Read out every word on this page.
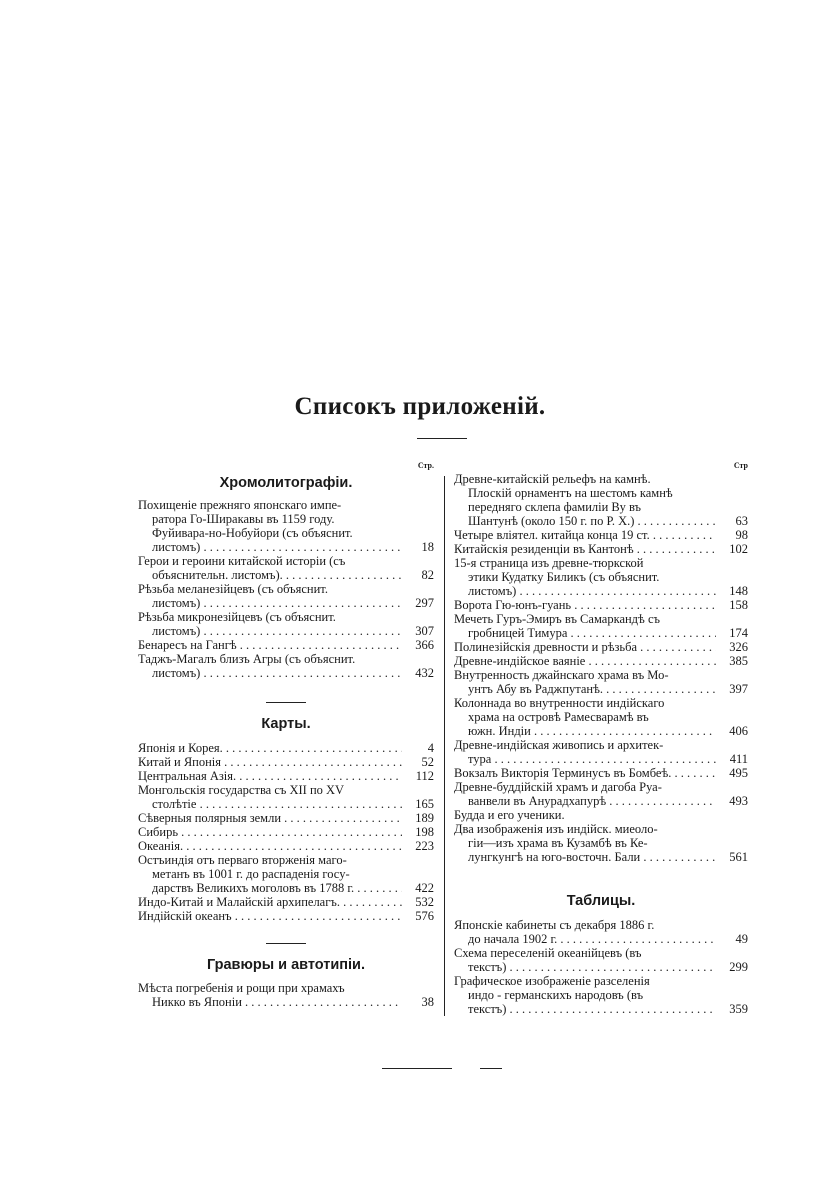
Списокъ приложеній.
Стр.
Хромолитографіи.
Похищеніе прежняго японскаго импе-
ратора Го-Ширакавы въ 1159 году.
Фуйивара-но-Нобуйори (съ объяснит.
листомъ) . . .	18
Герои и героини китайской исторіи (съ
объяснительн. листомъ). . . .	82
Рѣзьба меланезійцевъ (съ объяснит.
листомъ) . . .	297
Рѣзьба микронезійцевъ (съ объяснит.
листомъ) . . .	307
Бенаресъ на Гангѣ . . .	366
Таджъ-Магалъ близъ Агры (съ объяснит.
листомъ) . . .	432
Карты.
Японія и Корея. . . .	4
Китай и Японія . . .	52
Центральная Азія. . . .	112
Монгольскія государства съ XII по XV
столѣтіе . . .	165
Сѣверныя полярныя земли . . .	189
Сибирь . . .	198
Океанія. . . .	223
Остъиндія отъ перваго вторженія маго-
метанъ въ 1001 г. до распаденія госу-
дарствъ Великихъ моголовъ въ 1788 г. . . .	422
Индо-Китай и Малайскій архипелагъ. . . .	532
Индійскій океанъ . . .	576
Гравюры и автотипіи.
Мѣста погребенія и рощи при храмахъ
Никко въ Японіи . . .	38
Стр
Древне-китайскій рельефъ на камнѣ.
Плоскій орнаментъ на шестомъ камнѣ
передняго склепа фамиліи Ву въ
Шантунѣ (около 150 г. по Р. Х.) . . .	63
Четыре вліятел. китайца конца 19 ст. . . .	98
Китайскія резиденціи въ Кантонѣ . . .	102
15-я страница изъ древне-тюркской
этики Кудатку Биликъ (съ объяснит.
листомъ) . . .	148
Ворота Гю-юнъ-гуань . . .	158
Мечеть Гуръ-Эмиръ въ Самаркандѣ съ
гробницей Тимура . . .	174
Полинезійскія древности и рѣзьба . . .	326
Древне-индійское ваяніе . . .	385
Внутренность джайнскаго храма въ Мо-
унтъ Абу въ Раджпутанѣ. . . .	397
Колоннада во внутренности индійскаго
храма на островѣ Рамесварамѣ въ
южн. Индіи . . .	406
Древне-индійская живопись и архитек-
тура . . .	411
Вокзалъ Викторія Терминусъ въ Бомбеѣ. . . .	495
Древне-буддійскій храмъ и дагоба Руа-
ванвели въ Анурадхапурѣ . . .	493
Будда и его ученики.
Два изображенія изъ индійск. миеоло-
гіи—изъ храма въ Кузамбѣ въ Ке-
лунгкунгѣ на юго-восточн. Бали . . .	561
Таблицы.
Японскіе кабинеты съ декабря 1886 г.
до начала 1902 г. . . .	49
Схема переселеній океанійцевъ (въ
текстъ) . . .	299
Графическое изображеніе разселенія
индо - германскихъ народовъ (въ
текстъ) . . .	359
